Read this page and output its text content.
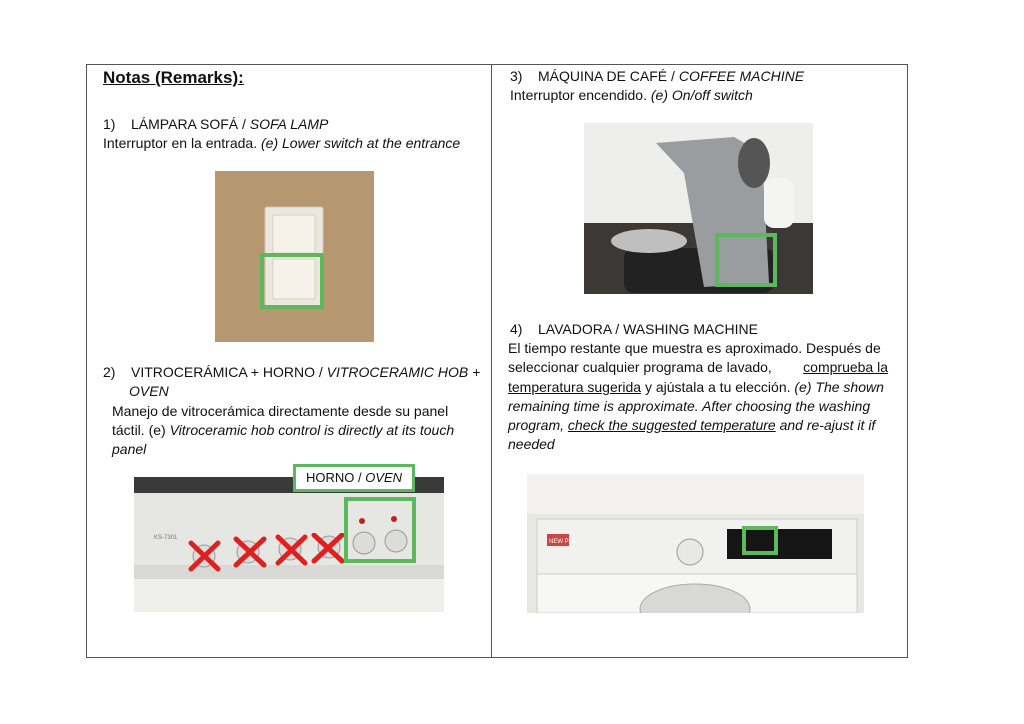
Notas (Remarks):
1) LÁMPARA SOFÁ / SOFA LAMP
Interruptor en la entrada. (e) Lower switch at the entrance
2) VITROCERÁMICA + HORNO / VITROCERAMIC HOB +
OVEN
Manejo de vitrocerámica directamente desde su panel
táctil. (e) Vitroceramic hob control is directly at its touch
panel
KS-7301
HORNO / OVEN
3) MÁQUINA DE CAFÉ / COFFEE MACHINE
Interruptor encendido. (e) On/off switch
4) LAVADORA / WASHING MACHINE
El tiempo restante que muestra es aproximado. Después de
seleccionar cualquier programa de lavado, comprueba la
temperatura sugerida y ajústala a tu elección. (e) The shown
remaining time is approximate. After choosing the washing
program, check the suggested temperature and re-ajust it if
needed
NEW POL
